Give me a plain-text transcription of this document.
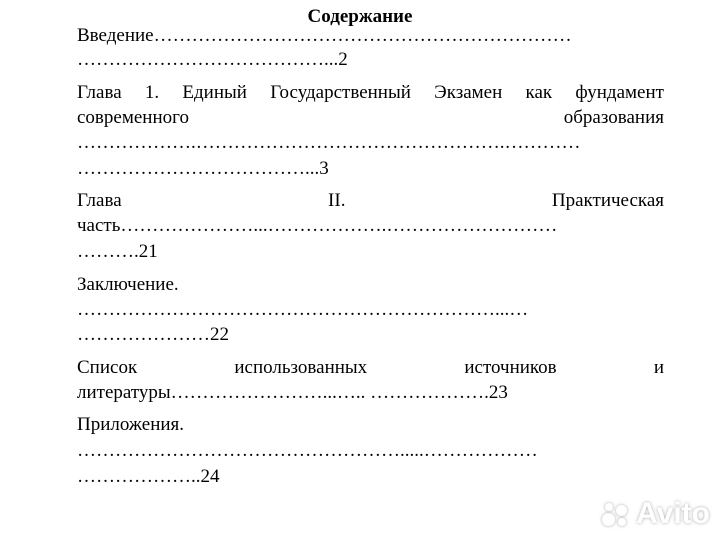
Содержание
Введение…………………………………………………………
…………………………………...2
Глава 1. Единый Государственный Экзамен как фундамент
современного	образования
……………….………………………………………….…………
………………………………...3
Глава	II.	Практическая
часть…………………...……………….………………………
……….21
Заключение.
…………………………………………………………...…
…………………22
Список	использованных	источников	и
литературы……………………...….. ……………….23
Приложения.
…………………………………………….....………………
………………..24
Avito
